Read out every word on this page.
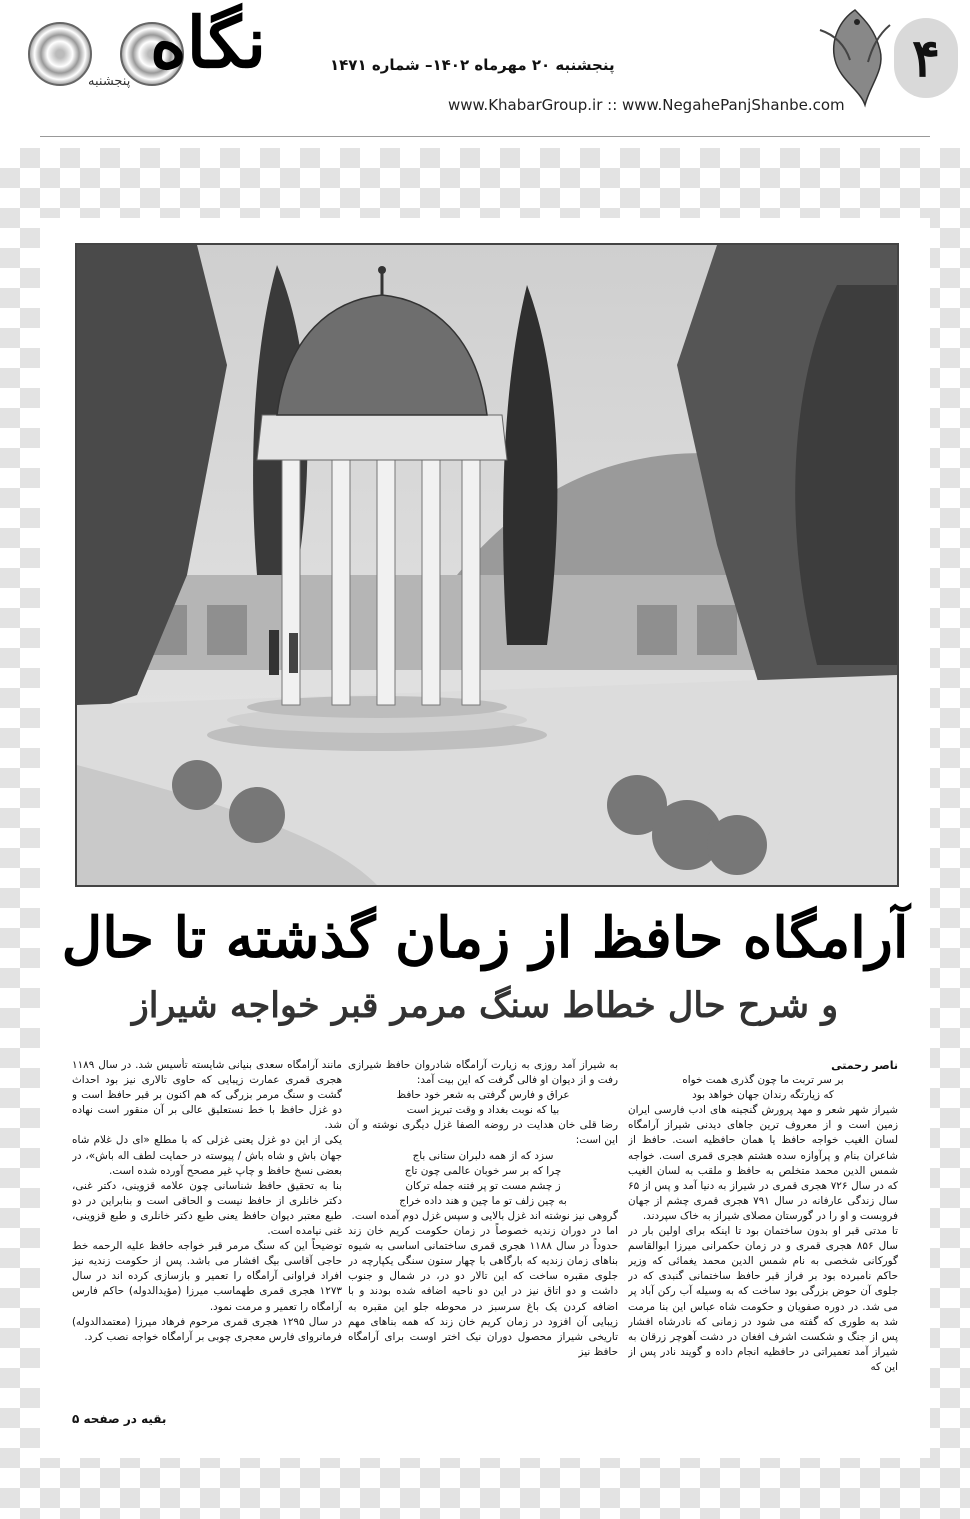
نگاه
پنجشنبه
پنجشنبه ۲۰ مهرماه ۱۴۰۲– شماره ۱۴۷۱
www.KhabarGroup.ir :: www.NegahePanjShanbe.com
۴
آرامگاه حافظ از زمان گذشته تا حال
و شرح حال خطاط سنگ مرمر قبر خواجه شیراز

ناصر رحمتی

بر سر تربت ما چون گذری همت خواه

که زیارتگه رندان جهان خواهد بود

شیراز شهر شعر و مهد پرورش گنجینه های ادب فارسی ایران زمین است و از معروف ترین جاهای دیدنی شیراز آرامگاه لسان الغیب خواجه حافظ یا همان حافظیه است. حافظ از شاعران بنام و پرآوازه سده هشتم هجری قمری است. خواجه شمس الدین محمد متخلص به حافظ و ملقب به لسان الغیب که در سال ۷۲۶ هجری قمری در شیراز به دنیا آمد و پس از ۶۵ سال زندگی عارفانه در سال ۷۹۱ هجری قمری چشم از جهان فروبست و او را در گورستان مصلای شیراز به خاک سپردند.

تا مدتی قبر او بدون ساختمان بود تا اینکه برای اولین بار در سال ۸۵۶ هجری قمری و در زمان حکمرانی میرزا ابوالقاسم گورکانی شخصی به نام شمس الدین محمد یغمائی که وزیر حاکم نامبرده بود بر فراز قبر حافظ ساختمانی گنبدی که در جلوی آن حوض بزرگی بود ساخت که به وسیله آب رکن آباد پر می شد. در دوره صفویان و حکومت شاه عباس این بنا مرمت شد به طوری که گفته می شود در زمانی که نادرشاه افشار پس از جنگ و شکست اشرف افغان در دشت آهوچر زرقان به شیراز آمد تعمیراتی در حافظیه انجام داده و گویند نادر پس از این که

به شیراز آمد روزی به زیارت آرامگاه شادروان حافظ شیرازی رفت و از دیوان او فالی گرفت که این بیت آمد:

عراق و فارس گرفتی به شعر خود حافظ

بیا که نوبت بغداد و وقت تبریز است

رضا قلی خان هدایت در روضه الصفا غزل دیگری نوشته و آن این است:

سزد که از همه دلبران ستانی باج

چرا که بر سر خوبان عالمی چون تاج

ز چشم مست تو پر فتنه جمله ترکان

به چین زلف تو ما چین و هند داده خراج

گروهی نیز نوشته اند غزل بالایی و سپس غزل دوم آمده است.

اما در دوران زندیه خصوصاً در زمان حکومت کریم خان زند حدوداً در سال ۱۱۸۸ هجری قمری ساختمانی اساسی به شیوه بناهای زمان زندیه که بارگاهی با چهار ستون سنگی یکپارچه در جلوی مقبره ساخت که این تالار دو در، در شمال و جنوب داشت و دو اتاق نیز در این دو ناحیه اضافه شده بودند و با اضافه کردن یک باغ سرسبز در محوطه جلو این مقبره به زیبایی آن افزود در زمان کریم خان زند که همه بناهای مهم تاریخی شیراز محصول دوران نیک اختر اوست برای آرامگاه حافظ نیز

مانند آرامگاه سعدی بنیانی شایسته تأسیس شد. در سال ۱۱۸۹ هجری قمری عمارت زیبایی که حاوی تالاری نیز بود احداث گشت و سنگ مرمر بزرگی که هم اکنون بر قبر حافظ است و دو غزل حافظ با خط نستعلیق عالی بر آن منقور است نهاده شد.

یکی از این دو غزل یعنی غزلی که با مطلع «ای دل غلام شاه جهان باش و شاه باش / پیوسته در حمایت لطف اله باش»، در بعضی نسخ حافظ و چاپ غیر مصحح آورده شده است.

بنا به تحقیق حافظ شناسانی چون علامه قزوینی، دکتر غنی، دکتر خانلری از حافظ نیست و الحاقی است و بنابراین در دو طبع معتبر دیوان حافظ یعنی طبع دکتر خانلری و طبع قزوینی، غنی نیامده است.

توضیحاً این که سنگ مرمر قبر خواجه حافظ علیه الرحمه خط حاجی آقاسی بیگ افشار می باشد. پس از حکومت زندیه نیز افراد فراوانی آرامگاه را تعمیر و بازسازی کرده اند در سال ۱۲۷۳ هجری قمری طهماسب میرزا (مؤیدالدوله) حاکم فارس آرامگاه را تعمیر و مرمت نمود.

در سال ۱۲۹۵ هجری قمری مرحوم فرهاد میرزا (معتمدالدوله) فرمانروای فارس معجری چوبی بر آرامگاه خواجه نصب کرد.

بقیه در صفحه ۵
